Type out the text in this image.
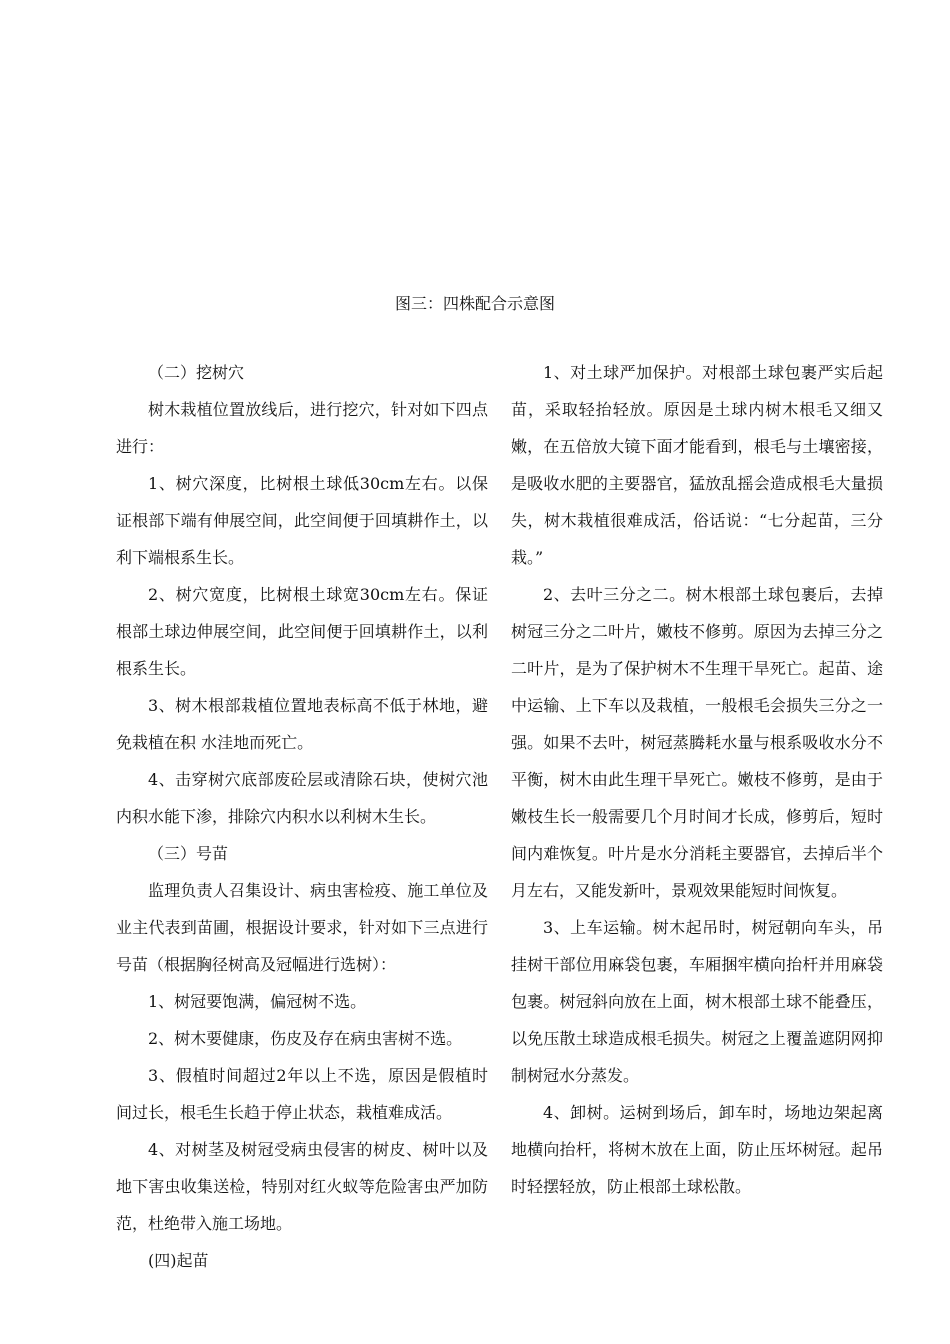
图三：四株配合示意图

（二）挖树穴

树木栽植位置放线后，进行挖穴，针对如下四点进行：

1、树穴深度，比树根土球低30cm左右。以保证根部下端有伸展空间，此空间便于回填耕作土，以利下端根系生长。

2、树穴宽度，比树根土球宽30cm左右。保证根部土球边伸展空间，此空间便于回填耕作土，以利根系生长。

3、树木根部栽植位置地表标高不低于林地，避免栽植在积 水洼地而死亡。

4、击穿树穴底部废砼层或清除石块，使树穴池内积水能下渗，排除穴内积水以利树木生长。

（三）号苗

监理负责人召集设计、病虫害检疫、施工单位及业主代表到苗圃，根据设计要求，针对如下三点进行号苗（根据胸径树高及冠幅进行选树）：

1、树冠要饱满，偏冠树不选。

2、树木要健康，伤皮及存在病虫害树不选。

3、假植时间超过2年以上不选，原因是假植时间过长，根毛生长趋于停止状态，栽植难成活。

4、对树茎及树冠受病虫侵害的树皮、树叶以及地下害虫收集送检，特别对红火蚁等危险害虫严加防范，杜绝带入施工场地。

(四)起苗

1、对土球严加保护。对根部土球包裹严实后起苗，采取轻抬轻放。原因是土球内树木根毛又细又嫩，在五倍放大镜下面才能看到，根毛与土壤密接，是吸收水肥的主要器官，猛放乱摇会造成根毛大量损失，树木栽植很难成活，俗话说：“七分起苗，三分栽。”

2、去叶三分之二。树木根部土球包裹后，去掉树冠三分之二叶片，嫩枝不修剪。原因为去掉三分之二叶片，是为了保护树木不生理干旱死亡。起苗、途中运输、上下车以及栽植，一般根毛会损失三分之一强。如果不去叶，树冠蒸腾耗水量与根系吸收水分不平衡，树木由此生理干旱死亡。嫩枝不修剪，是由于嫩枝生长一般需要几个月时间才长成，修剪后，短时间内难恢复。叶片是水分消耗主要器官，去掉后半个月左右，又能发新叶，景观效果能短时间恢复。

3、上车运输。树木起吊时，树冠朝向车头，吊挂树干部位用麻袋包裹，车厢捆牢横向抬杆并用麻袋包裹。树冠斜向放在上面，树木根部土球不能叠压，以免压散土球造成根毛损失。树冠之上覆盖遮阴网抑制树冠水分蒸发。

4、卸树。运树到场后，卸车时，场地边架起离地横向抬杆，将树木放在上面，防止压坏树冠。起吊时轻摆轻放，防止根部土球松散。
